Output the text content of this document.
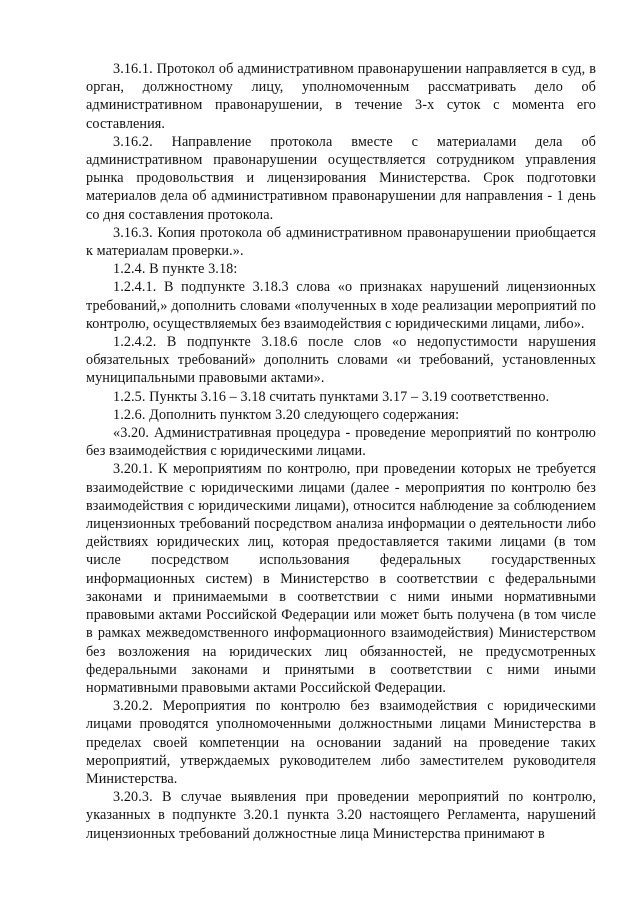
3.16.1. Протокол об административном правонарушении направляется в суд, в орган, должностному лицу, уполномоченным рассматривать дело об административном правонарушении, в течение 3-х суток с момента его составления.

3.16.2. Направление протокола вместе с материалами дела об административном правонарушении осуществляется сотрудником управления рынка продовольствия и лицензирования Министерства. Срок подготовки материалов дела об административном правонарушении для направления - 1 день со дня составления протокола.

3.16.3. Копия протокола об административном правонарушении приобщается к материалам проверки.».

1.2.4. В пункте 3.18:

1.2.4.1. В подпункте 3.18.3 слова «о признаках нарушений лицензионных требований,» дополнить словами «полученных в ходе реализации мероприятий по контролю, осуществляемых без взаимодействия с юридическими лицами, либо».

1.2.4.2. В подпункте 3.18.6 после слов «о недопустимости нарушения обязательных требований» дополнить словами «и требований, установленных муниципальными правовыми актами».

1.2.5. Пункты 3.16 – 3.18 считать пунктами 3.17 – 3.19 соответственно.

1.2.6. Дополнить пунктом 3.20 следующего содержания:

«3.20. Административная процедура - проведение мероприятий по контролю без взаимодействия с юридическими лицами.

3.20.1. К мероприятиям по контролю, при проведении которых не требуется взаимодействие с юридическими лицами (далее - мероприятия по контролю без взаимодействия с юридическими лицами), относится наблюдение за соблюдением лицензионных требований посредством анализа информации о деятельности либо действиях юридических лиц, которая предоставляется такими лицами (в том числе посредством использования федеральных государственных информационных систем) в Министерство в соответствии с федеральными законами и принимаемыми в соответствии с ними иными нормативными правовыми актами Российской Федерации или может быть получена (в том числе в рамках межведомственного информационного взаимодействия) Министерством без возложения на юридических лиц обязанностей, не предусмотренных федеральными законами и принятыми в соответствии с ними иными нормативными правовыми актами Российской Федерации.

3.20.2. Мероприятия по контролю без взаимодействия с юридическими лицами проводятся уполномоченными должностными лицами Министерства в пределах своей компетенции на основании заданий на проведение таких мероприятий, утверждаемых руководителем либо заместителем руководителя Министерства.

3.20.3. В случае выявления при проведении мероприятий по контролю, указанных в подпункте 3.20.1 пункта 3.20 настоящего Регламента, нарушений лицензионных требований должностные лица Министерства принимают в
